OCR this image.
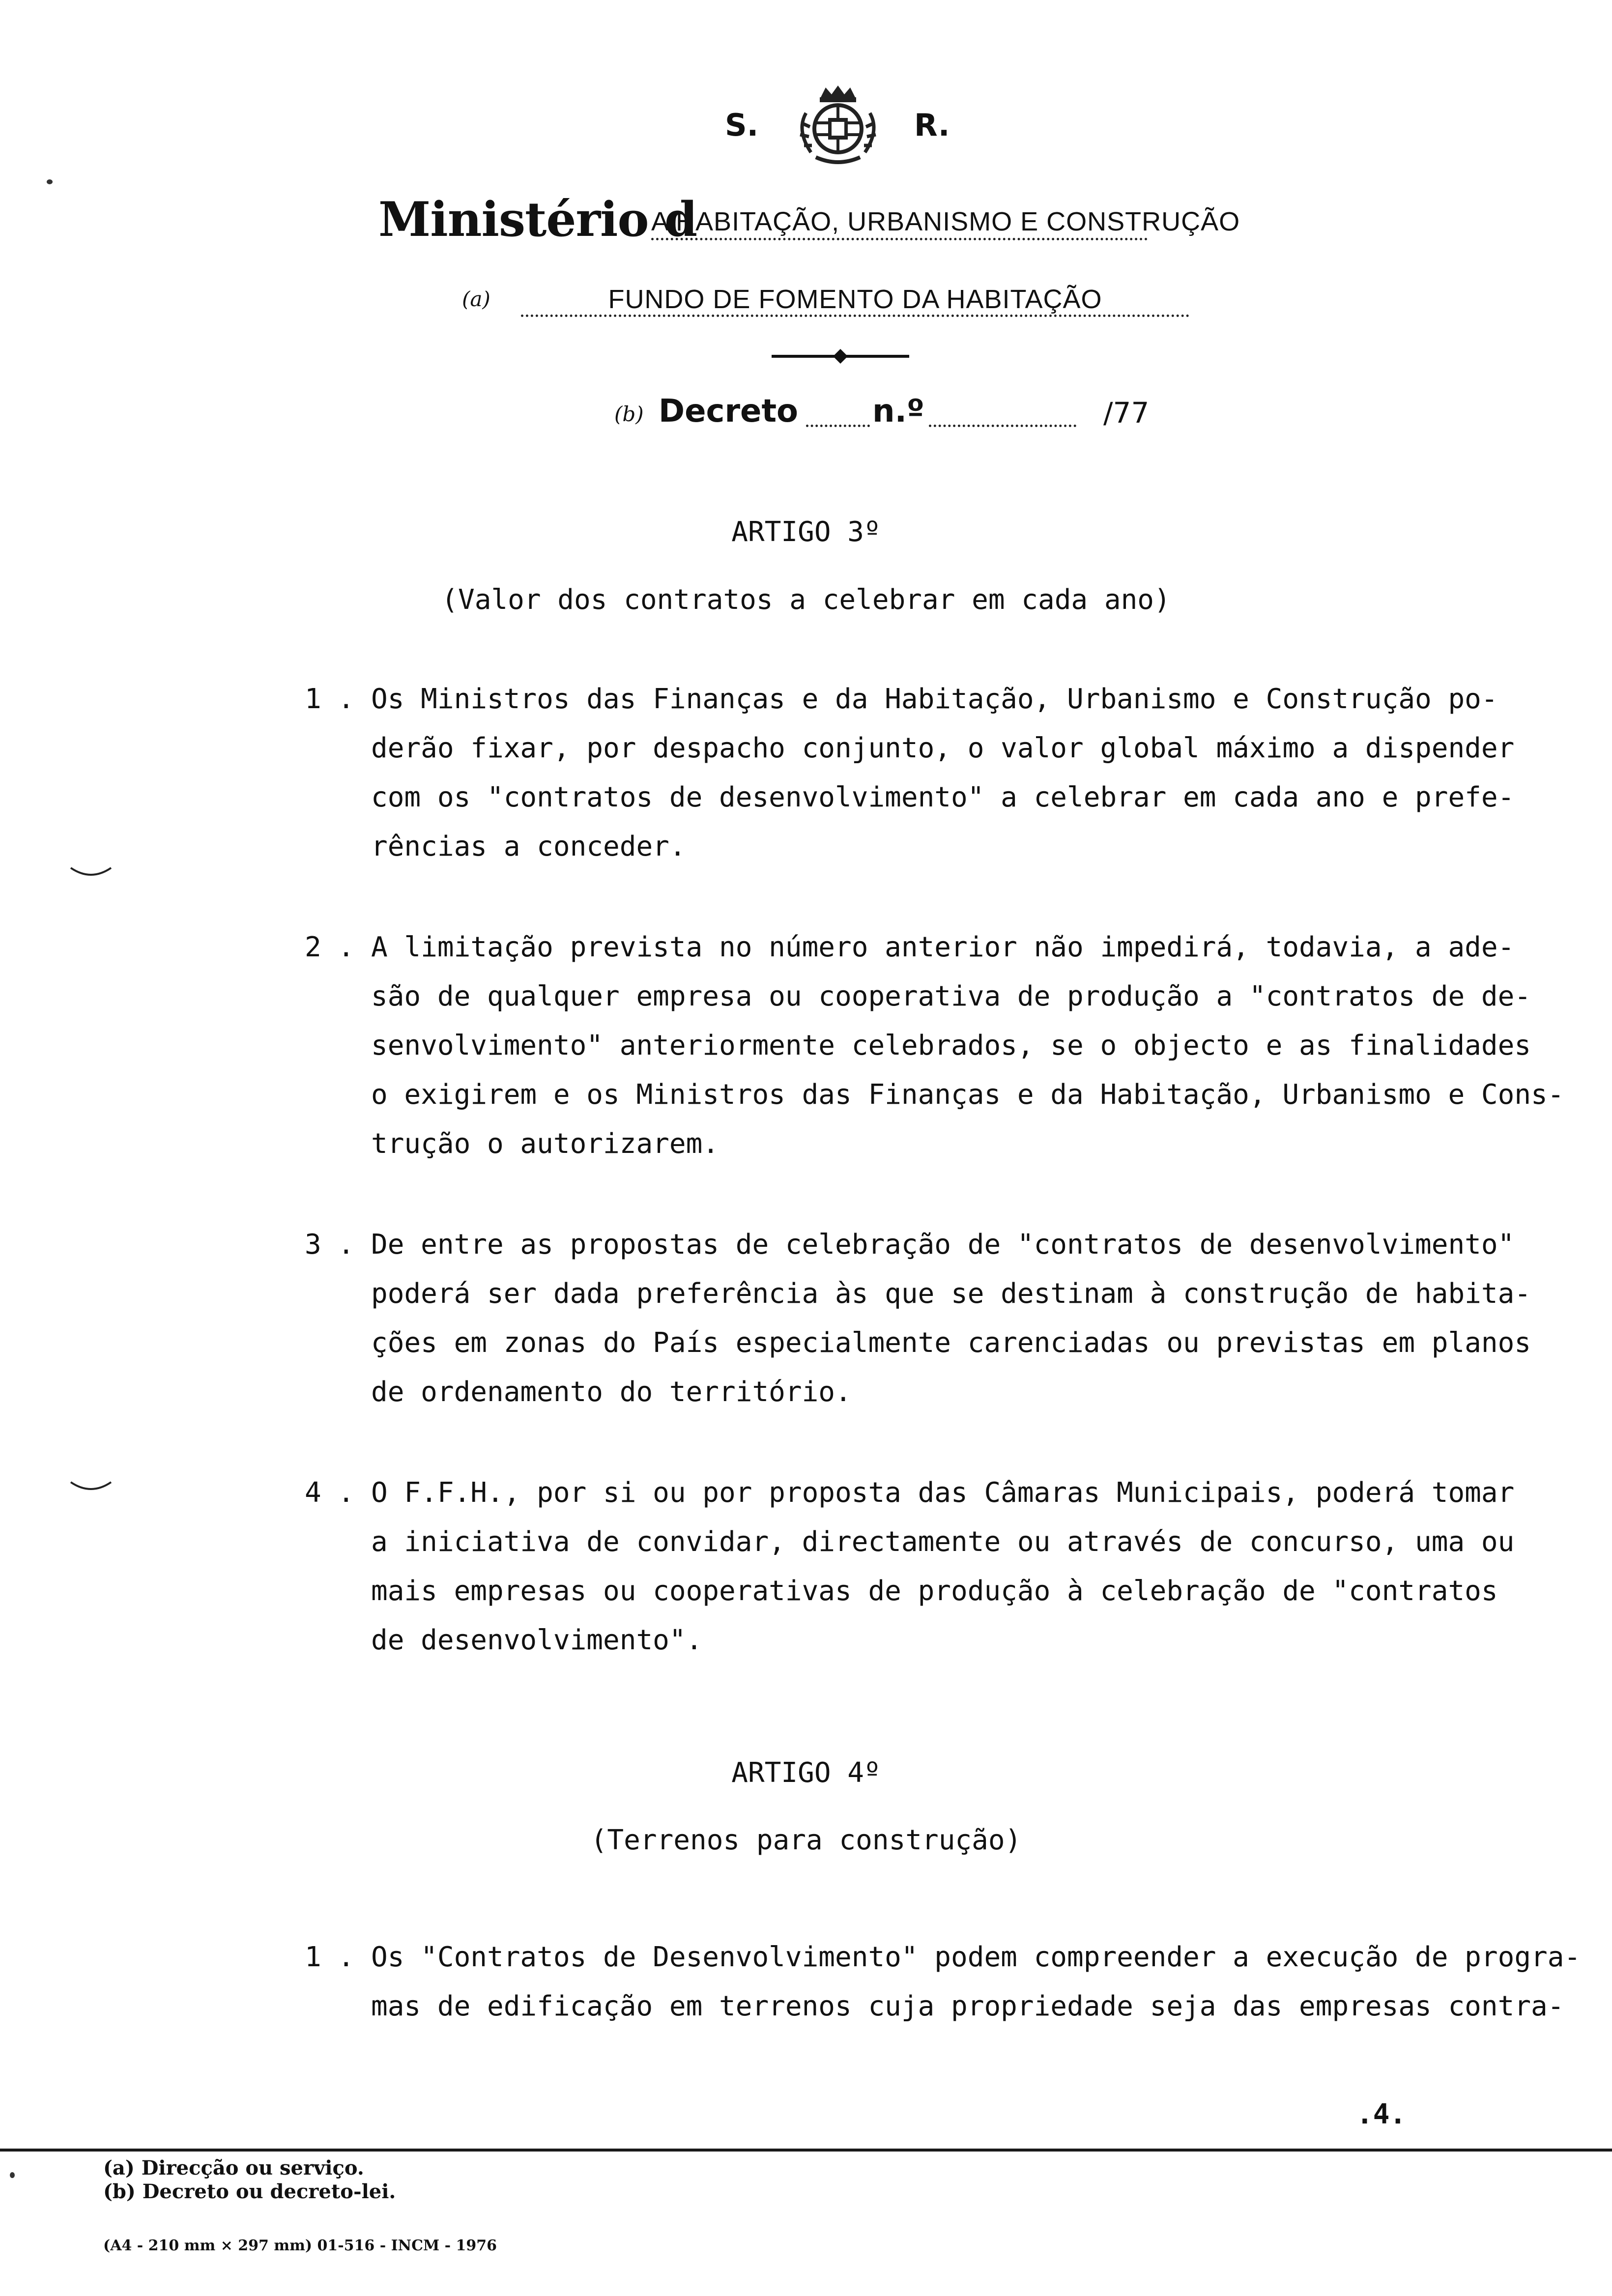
S.	R.
Ministério d
A HABITAÇÃO, URBANISMO E CONSTRUÇÃO
(a)	FUNDO DE FOMENTO DA HABITAÇÃO
(b) Decreto n.º	/77
ARTIGO 3º
(Valor dos contratos a celebrar em cada ano)
1 . Os Ministros das Finanças e da Habitação, Urbanismo e Construção po-
derão fixar, por despacho conjunto, o valor global máximo a dispender
com os "contratos de desenvolvimento" a celebrar em cada ano e prefe-
rências a conceder.
2 . A limitação prevista no número anterior não impedirá, todavia, a ade-
são de qualquer empresa ou cooperativa de produção a "contratos de de-
senvolvimento" anteriormente celebrados, se o objecto e as finalidades
o exigirem e os Ministros das Finanças e da Habitação, Urbanismo e Cons-
trução o autorizarem.
3 . De entre as propostas de celebração de "contratos de desenvolvimento"
poderá ser dada preferência às que se destinam à construção de habita-
ções em zonas do País especialmente carenciadas ou previstas em planos
de ordenamento do território.
4 . O F.F.H., por si ou por proposta das Câmaras Municipais, poderá tomar
a iniciativa de convidar, directamente ou através de concurso, uma ou
mais empresas ou cooperativas de produção à celebração de "contratos
de desenvolvimento".
ARTIGO 4º
(Terrenos para construção)
1 . Os "Contratos de Desenvolvimento" podem compreender a execução de progra-
mas de edificação em terrenos cuja propriedade seja das empresas contra-
.4.
(a) Direcção ou serviço.
(b) Decreto ou decreto-lei.
(A4 - 210 mm × 297 mm) 01-516 - INCM - 1976
